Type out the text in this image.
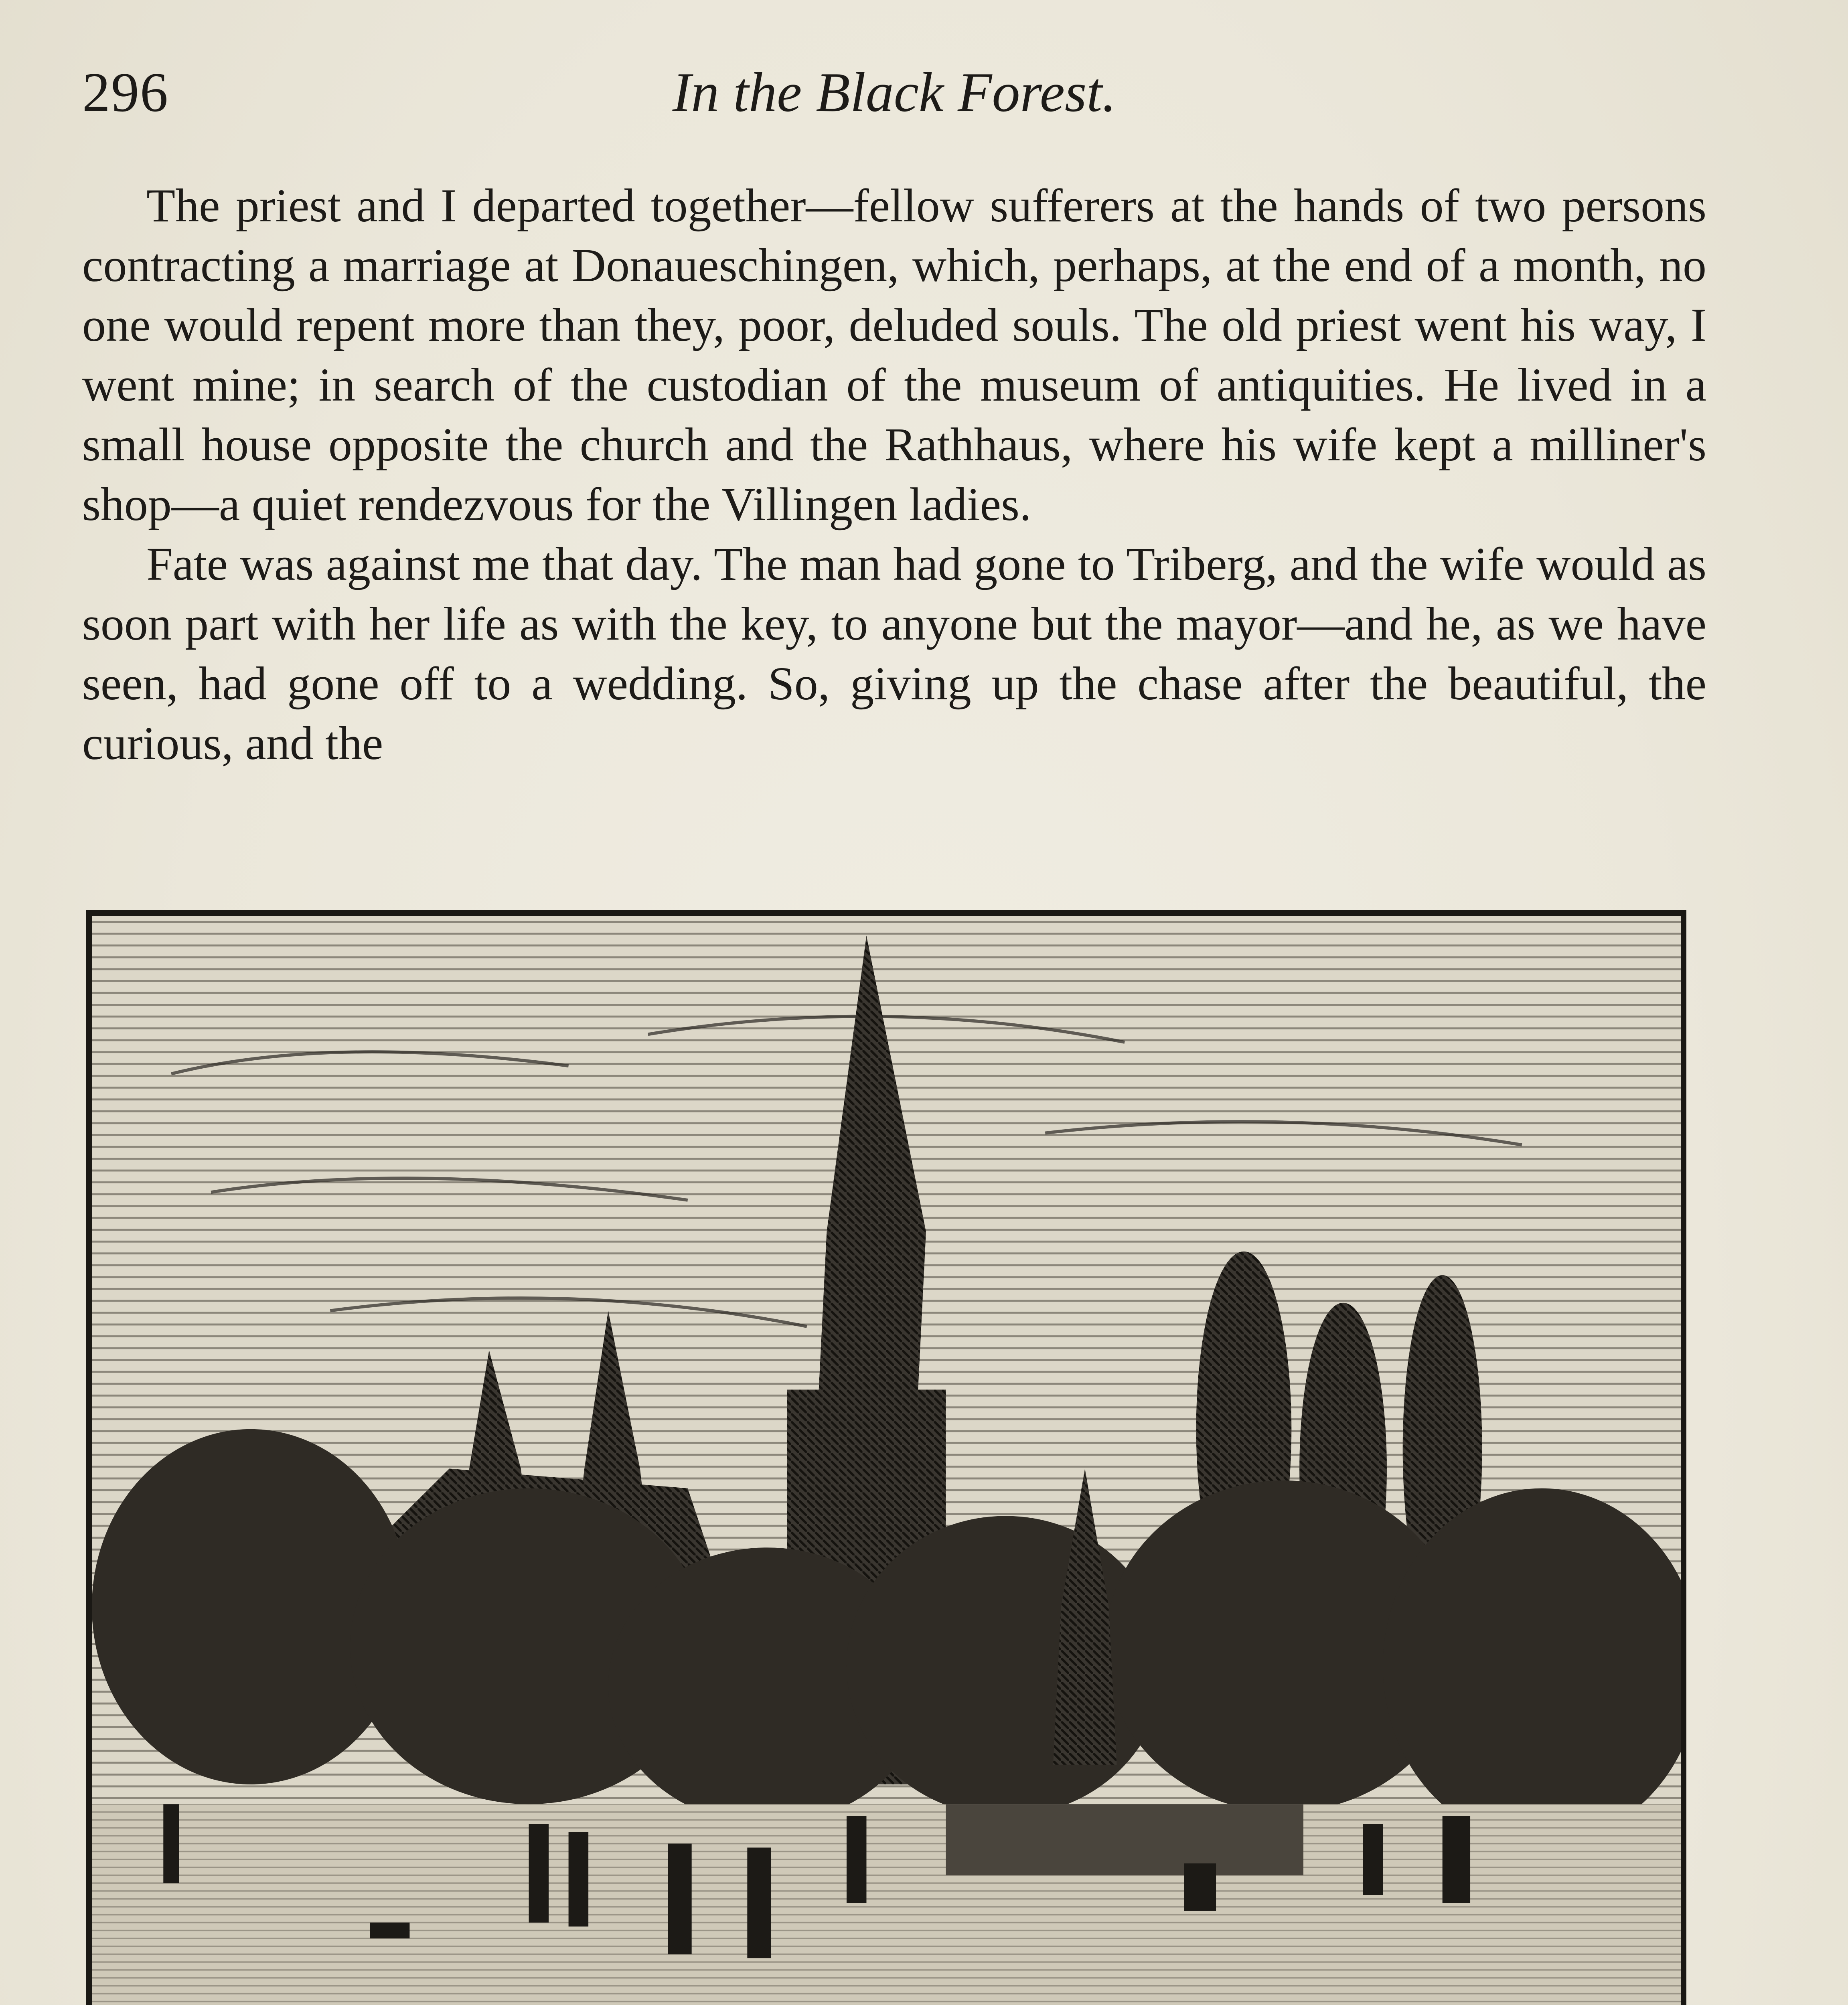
296	In the Black Forest.

The priest and I departed together—fellow sufferers at the hands of two persons contracting a marriage at Donaueschingen, which, perhaps, at the end of a month, no one would repent more than they, poor, deluded souls. The old priest went his way, I went mine; in search of the custodian of the museum of antiquities. He lived in a small house opposite the church and the Rathhaus, where his wife kept a milliner's shop—a quiet rendezvous for the Villingen ladies.

Fate was against me that day. The man had gone to Triberg, and the wife would as soon part with her life as with the key, to anyone but the mayor—and he, as we have seen, had gone off to a wedding. So, giving up the chase after the beautiful, the curious, and the
